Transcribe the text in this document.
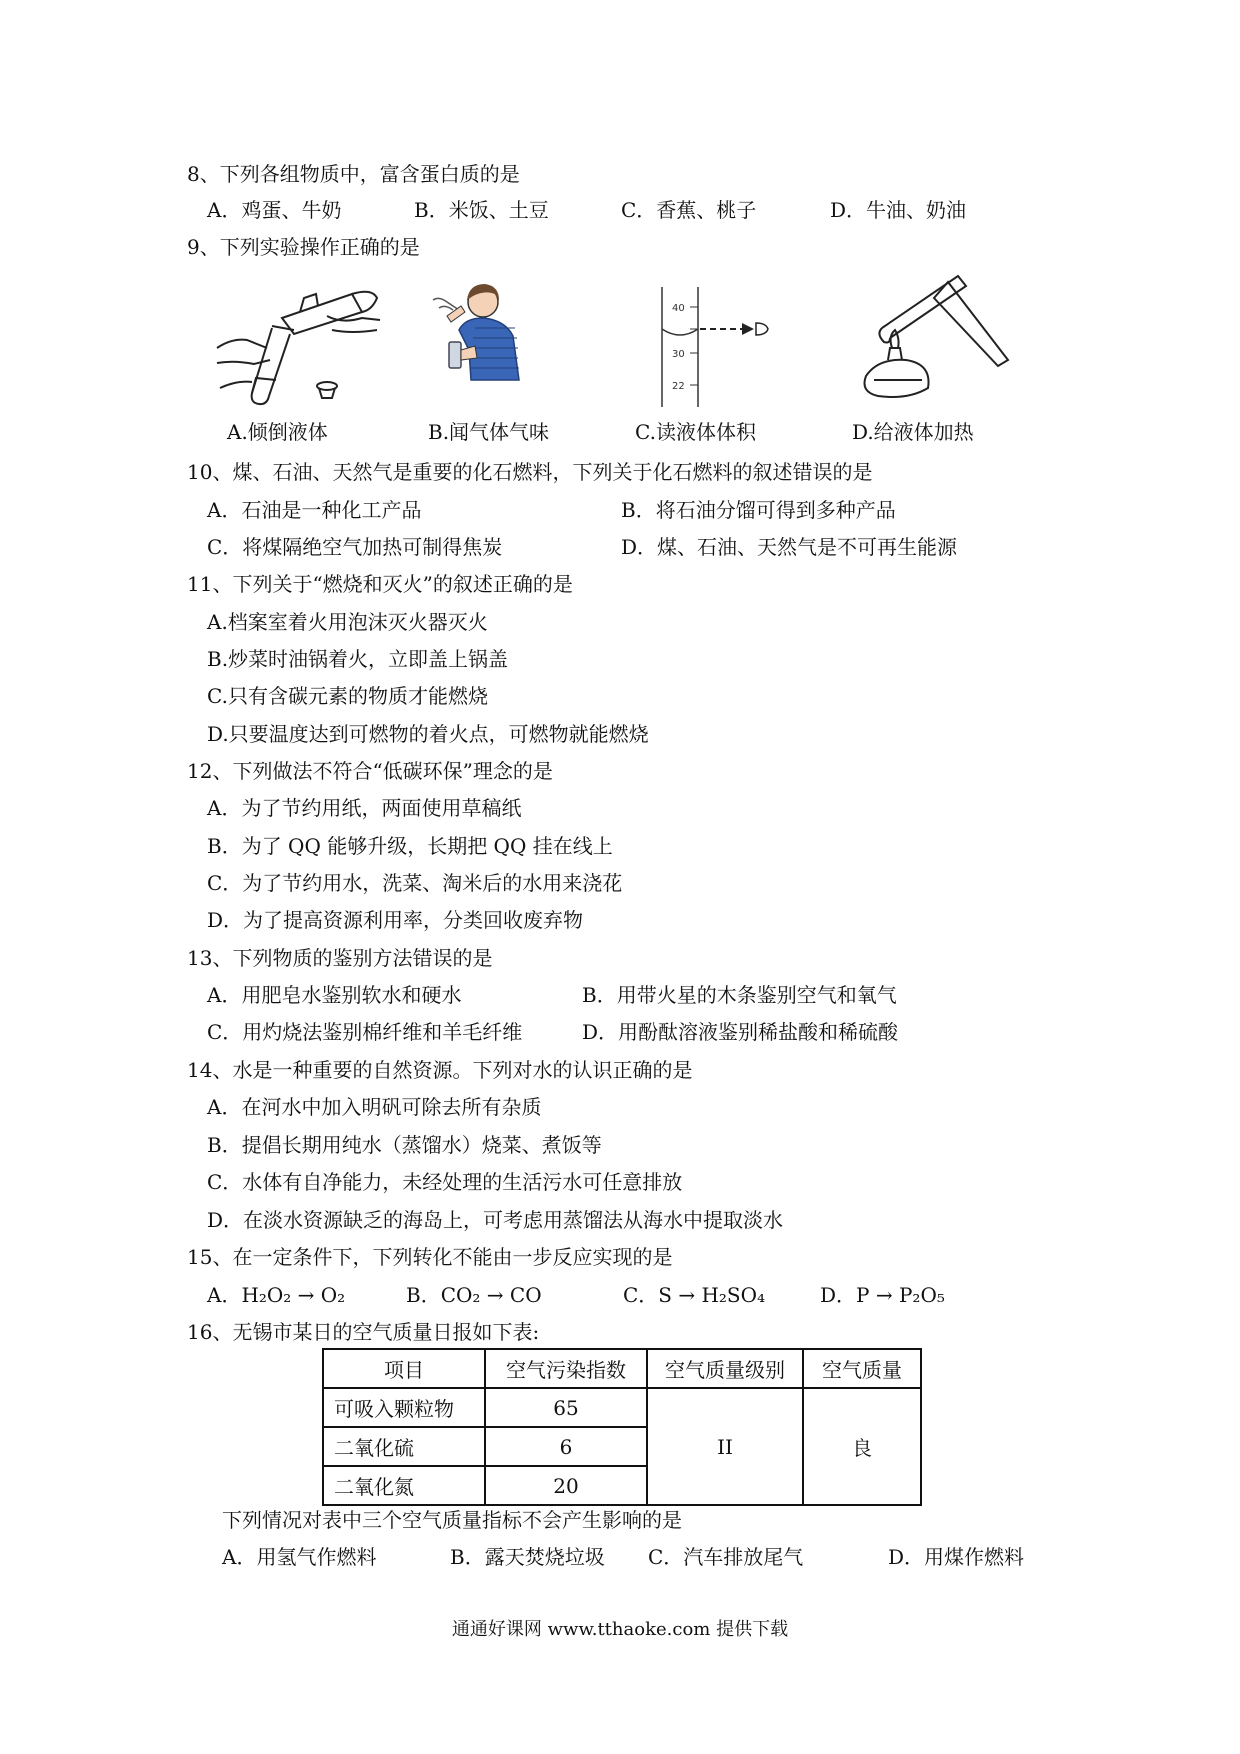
8、下列各组物质中，富含蛋白质的是
A．鸡蛋、牛奶	B．米饭、土豆	C．香蕉、桃子	D．牛油、奶油
9、下列实验操作正确的是
40
30
22
A.倾倒液体	B.闻气体气味	C.读液体体积	D.给液体加热
10、煤、石油、天然气是重要的化石燃料，下列关于化石燃料的叙述错误的是
A．石油是一种化工产品	B．将石油分馏可得到多种产品
C．将煤隔绝空气加热可制得焦炭	D．煤、石油、天然气是不可再生能源
11、下列关于“燃烧和灭火”的叙述正确的是
A.档案室着火用泡沫灭火器灭火
B.炒菜时油锅着火，立即盖上锅盖
C.只有含碳元素的物质才能燃烧
D.只要温度达到可燃物的着火点，可燃物就能燃烧
12、下列做法不符合“低碳环保”理念的是
A．为了节约用纸，两面使用草稿纸
B．为了 QQ 能够升级，长期把 QQ 挂在线上
C．为了节约用水，洗菜、淘米后的水用来浇花
D．为了提高资源利用率，分类回收废弃物
13、下列物质的鉴别方法错误的是
A．用肥皂水鉴别软水和硬水	B．用带火星的木条鉴别空气和氧气
C．用灼烧法鉴别棉纤维和羊毛纤维	D．用酚酞溶液鉴别稀盐酸和稀硫酸
14、水是一种重要的自然资源。下列对水的认识正确的是
A．在河水中加入明矾可除去所有杂质
B．提倡长期用纯水（蒸馏水）烧菜、煮饭等
C．水体有自净能力，未经处理的生活污水可任意排放
D．在淡水资源缺乏的海岛上，可考虑用蒸馏法从海水中提取淡水
15、在一定条件下，下列转化不能由一步反应实现的是
A．H₂O₂ → O₂	B．CO₂ → CO	C．S → H₂SO₄	D．P → P₂O₅
16、无锡市某日的空气质量日报如下表:
项目	空气污染指数	空气质量级别	空气质量
可吸入颗粒物	65	II	良
二氧化硫	6		
二氧化氮	20		
下列情况对表中三个空气质量指标不会产生影响的是
A．用氢气作燃料	B．露天焚烧垃圾 C．汽车排放尾气	D．用煤作燃料
通通好课网 www.tthaoke.com 提供下载
